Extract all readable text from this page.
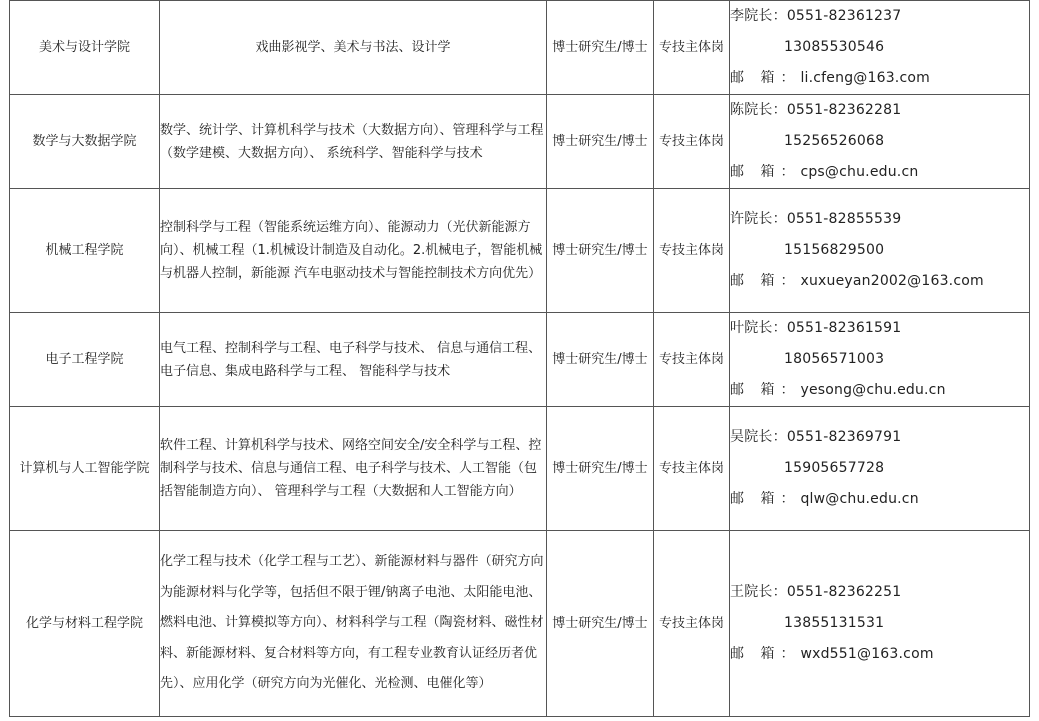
美术与设计学院	戏曲影视学、美术与书法、设计学	博士研究生/博士	专技主体岗	李院长：0551-82361237
13085530546
邮 箱：li.cfeng@163.com

数学与大数据学院	数学、统计学、计算机科学与技术（大数据方向）、管理科学与工程（数学建模、大数据方向）、 系统科学、智能科学与技术	博士研究生/博士	专技主体岗	陈院长：0551-82362281
15256526068
邮 箱：cps@chu.edu.cn

机械工程学院	控制科学与工程（智能系统运维方向）、能源动力（光伏新能源方向）、机械工程（1.机械设计制造及自动化。2.机械电子，智能机械与机器人控制，新能源 汽车电驱动技术与智能控制技术方向优先）	博士研究生/博士	专技主体岗	许院长：0551-82855539
15156829500
邮 箱：xuxueyan2002@163.com

电子工程学院	电气工程、控制科学与工程、电子科学与技术、 信息与通信工程、电子信息、集成电路科学与工程、 智能科学与技术	博士研究生/博士	专技主体岗	叶院长：0551-82361591
18056571003
邮 箱：yesong@chu.edu.cn

计算机与人工智能学院	软件工程、计算机科学与技术、网络空间安全/安全科学与工程、控制科学与技术、信息与通信工程、电子科学与技术、人工智能（包括智能制造方向）、 管理科学与工程（大数据和人工智能方向）	博士研究生/博士	专技主体岗	吴院长：0551-82369791
15905657728
邮 箱：qlw@chu.edu.cn

化学与材料工程学院	化学工程与技术（化学工程与工艺）、新能源材料与器件（研究方向为能源材料与化学等，包括但不限于锂/钠离子电池、太阳能电池、燃料电池、计算模拟等方向）、材料科学与工程（陶瓷材料、磁性材料、新能源材料、复合材料等方向，有工程专业教育认证经历者优先）、应用化学（研究方向为光催化、光检测、电催化等）	博士研究生/博士	专技主体岗	王院长：0551-82362251
13855131531
邮 箱：wxd551@163.com
